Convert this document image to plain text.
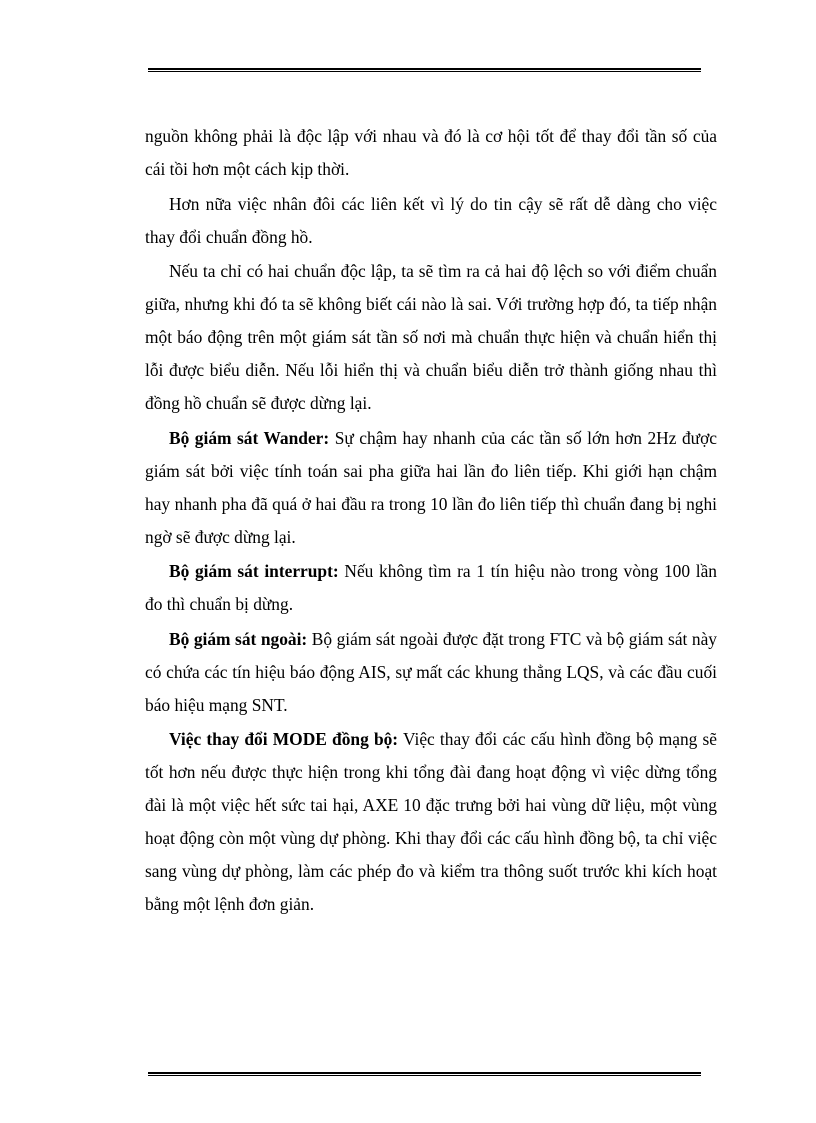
nguồn không phải là độc lập với nhau và đó là cơ hội tốt để thay đổi tần số của cái tồi hơn một cách kịp thời.

Hơn nữa việc nhân đôi các liên kết vì lý do tin cậy sẽ rất dễ dàng cho việc thay đổi chuẩn đồng hồ.

Nếu ta chỉ có hai chuẩn độc lập, ta sẽ tìm ra cả hai độ lệch so với điểm chuẩn giữa, nhưng khi đó ta sẽ không biết cái nào là sai. Với trường hợp đó, ta tiếp nhận một báo động trên một giám sát tần số nơi mà chuẩn thực hiện và chuẩn hiển thị lỗi được biểu diễn. Nếu lỗi hiển thị và chuẩn biểu diễn trở thành giống nhau thì đồng hồ chuẩn sẽ được dừng lại.

Bộ giám sát Wander: Sự chậm hay nhanh của các tần số lớn hơn 2Hz được giám sát bởi việc tính toán sai pha giữa hai lần đo liên tiếp. Khi giới hạn chậm hay nhanh pha đã quá ở hai đầu ra trong 10 lần đo liên tiếp thì chuẩn đang bị nghi ngờ sẽ được dừng lại.

Bộ giám sát interrupt: Nếu không tìm ra 1 tín hiệu nào trong vòng 100 lần đo thì chuẩn bị dừng.

Bộ giám sát ngoài: Bộ giám sát ngoài được đặt trong FTC và bộ giám sát này có chứa các tín hiệu báo động AIS, sự mất các khung thẳng LQS, và các đầu cuối báo hiệu mạng SNT.

Việc thay đổi MODE đồng bộ: Việc thay đổi các cấu hình đồng bộ mạng sẽ tốt hơn nếu được thực hiện trong khi tổng đài đang hoạt động vì việc dừng tổng đài là một việc hết sức tai hại, AXE 10 đặc trưng bởi hai vùng dữ liệu, một vùng hoạt động còn một vùng dự phòng. Khi thay đổi các cấu hình đồng bộ, ta chỉ việc sang vùng dự phòng, làm các phép đo và kiểm tra thông suốt trước khi kích hoạt bằng một lệnh đơn giản.
